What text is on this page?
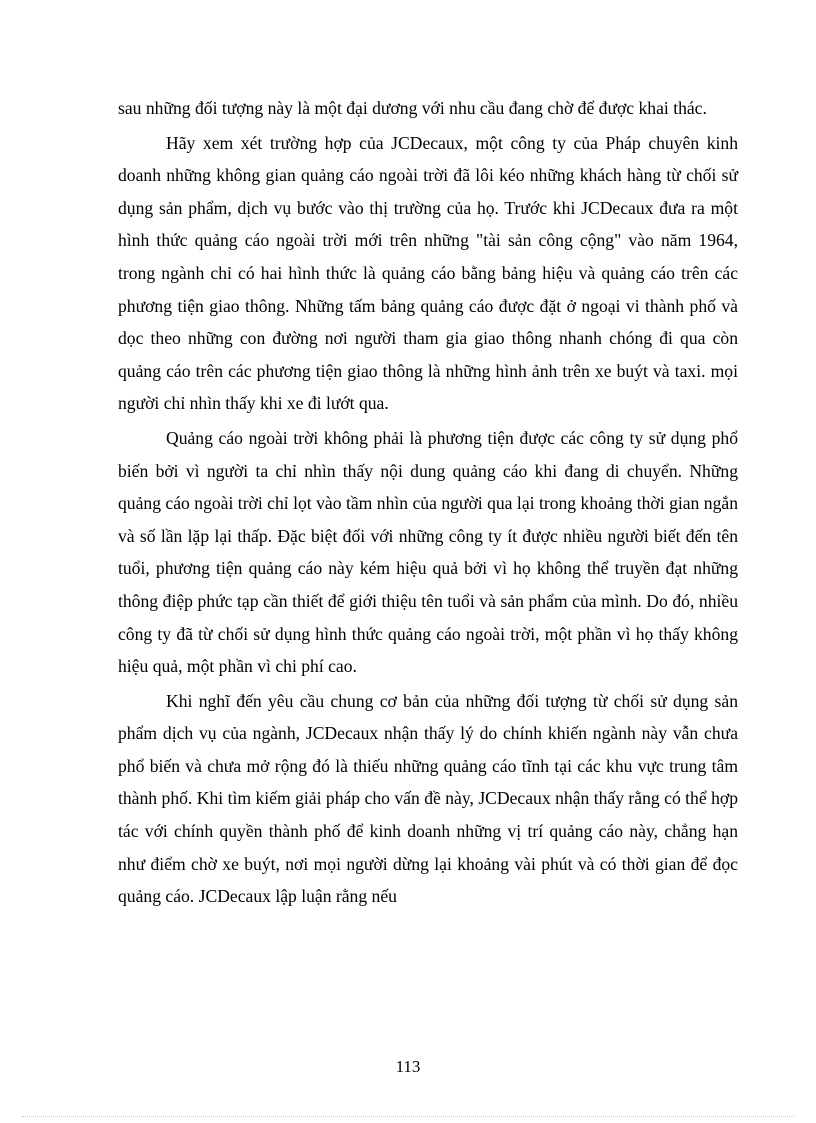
sau những đối tượng này là một đại dương với nhu cầu đang chờ để được khai thác.

Hãy xem xét trường hợp của JCDecaux, một công ty của Pháp chuyên kinh doanh những không gian quảng cáo ngoài trời đã lôi kéo những khách hàng từ chối sử dụng sản phẩm, dịch vụ bước vào thị trường của họ. Trước khi JCDecaux đưa ra một hình thức quảng cáo ngoài trời mới trên những "tài sản công cộng" vào năm 1964, trong ngành chỉ có hai hình thức là quảng cáo bằng bảng hiệu và quảng cáo trên các phương tiện giao thông. Những tấm bảng quảng cáo được đặt ở ngoại vi thành phố và dọc theo những con đường nơi người tham gia giao thông nhanh chóng đi qua còn quảng cáo trên các phương tiện giao thông là những hình ảnh trên xe buýt và taxi. mọi người chỉ nhìn thấy khi xe đi lướt qua.

Quảng cáo ngoài trời không phải là phương tiện được các công ty sử dụng phổ biến bởi vì người ta chỉ nhìn thấy nội dung quảng cáo khi đang di chuyển. Những quảng cáo ngoài trời chỉ lọt vào tầm nhìn của người qua lại trong khoảng thời gian ngắn và số lần lặp lại thấp. Đặc biệt đối với những công ty ít được nhiều người biết đến tên tuổi, phương tiện quảng cáo này kém hiệu quả bởi vì họ không thể truyền đạt những thông điệp phức tạp cần thiết để giới thiệu tên tuổi và sản phẩm của mình. Do đó, nhiều công ty đã từ chối sử dụng hình thức quảng cáo ngoài trời, một phần vì họ thấy không hiệu quả, một phần vì chi phí cao.

Khi nghĩ đến yêu cầu chung cơ bản của những đối tượng từ chối sử dụng sản phẩm dịch vụ của ngành, JCDecaux nhận thấy lý do chính khiến ngành này vẫn chưa phổ biến và chưa mở rộng đó là thiếu những quảng cáo tĩnh tại các khu vực trung tâm thành phố. Khi tìm kiếm giải pháp cho vấn đề này, JCDecaux nhận thấy rằng có thể hợp tác với chính quyền thành phố để kinh doanh những vị trí quảng cáo này, chẳng hạn như điểm chờ xe buýt, nơi mọi người dừng lại khoảng vài phút và có thời gian để đọc quảng cáo. JCDecaux lập luận rằng nếu

113
